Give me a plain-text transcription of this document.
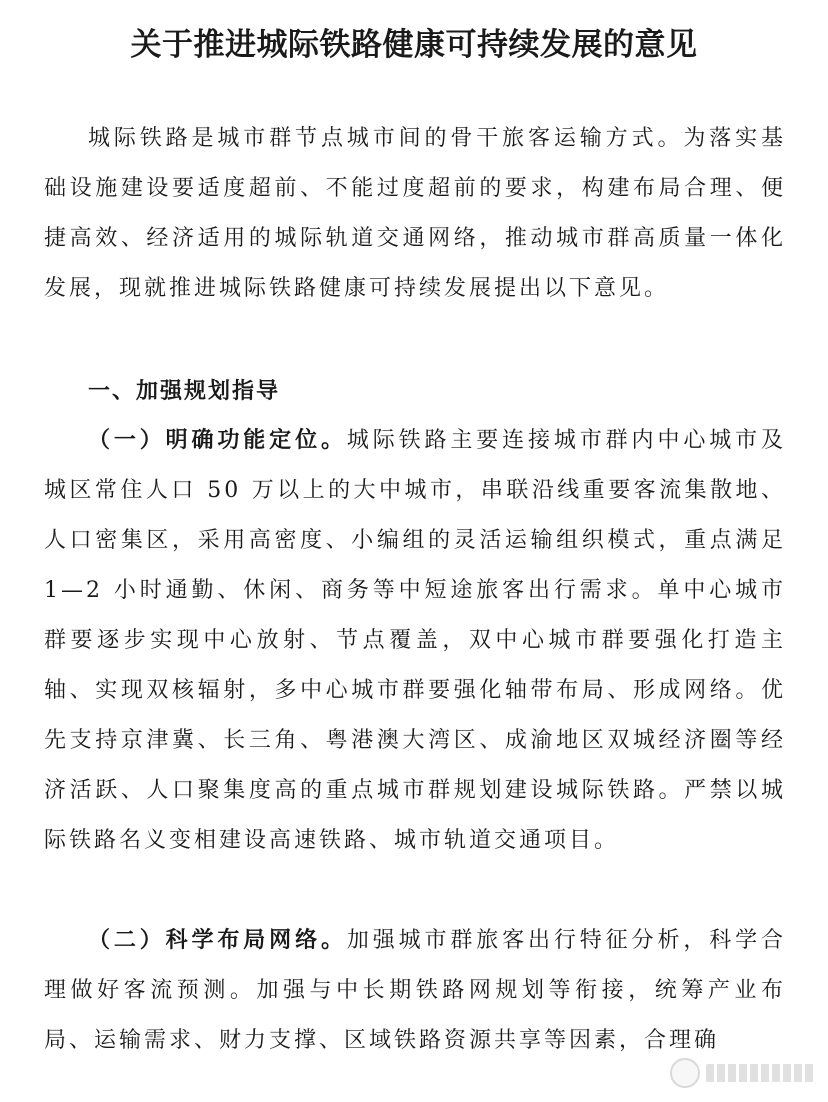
关于推进城际铁路健康可持续发展的意见

城际铁路是城市群节点城市间的骨干旅客运输方式。为落实基础设施建设要适度超前、不能过度超前的要求，构建布局合理、便捷高效、经济适用的城际轨道交通网络，推动城市群高质量一体化发展，现就推进城际铁路健康可持续发展提出以下意见。

一、加强规划指导

（一）明确功能定位。城际铁路主要连接城市群内中心城市及城区常住人口 50 万以上的大中城市，串联沿线重要客流集散地、人口密集区，采用高密度、小编组的灵活运输组织模式，重点满足 1—2 小时通勤、休闲、商务等中短途旅客出行需求。单中心城市群要逐步实现中心放射、节点覆盖，双中心城市群要强化打造主轴、实现双核辐射，多中心城市群要强化轴带布局、形成网络。优先支持京津冀、长三角、粤港澳大湾区、成渝地区双城经济圈等经济活跃、人口聚集度高的重点城市群规划建设城际铁路。严禁以城际铁路名义变相建设高速铁路、城市轨道交通项目。

（二）科学布局网络。加强城市群旅客出行特征分析，科学合理做好客流预测。加强与中长期铁路网规划等衔接，统筹产业布局、运输需求、财力支撑、区域铁路资源共享等因素，合理确
